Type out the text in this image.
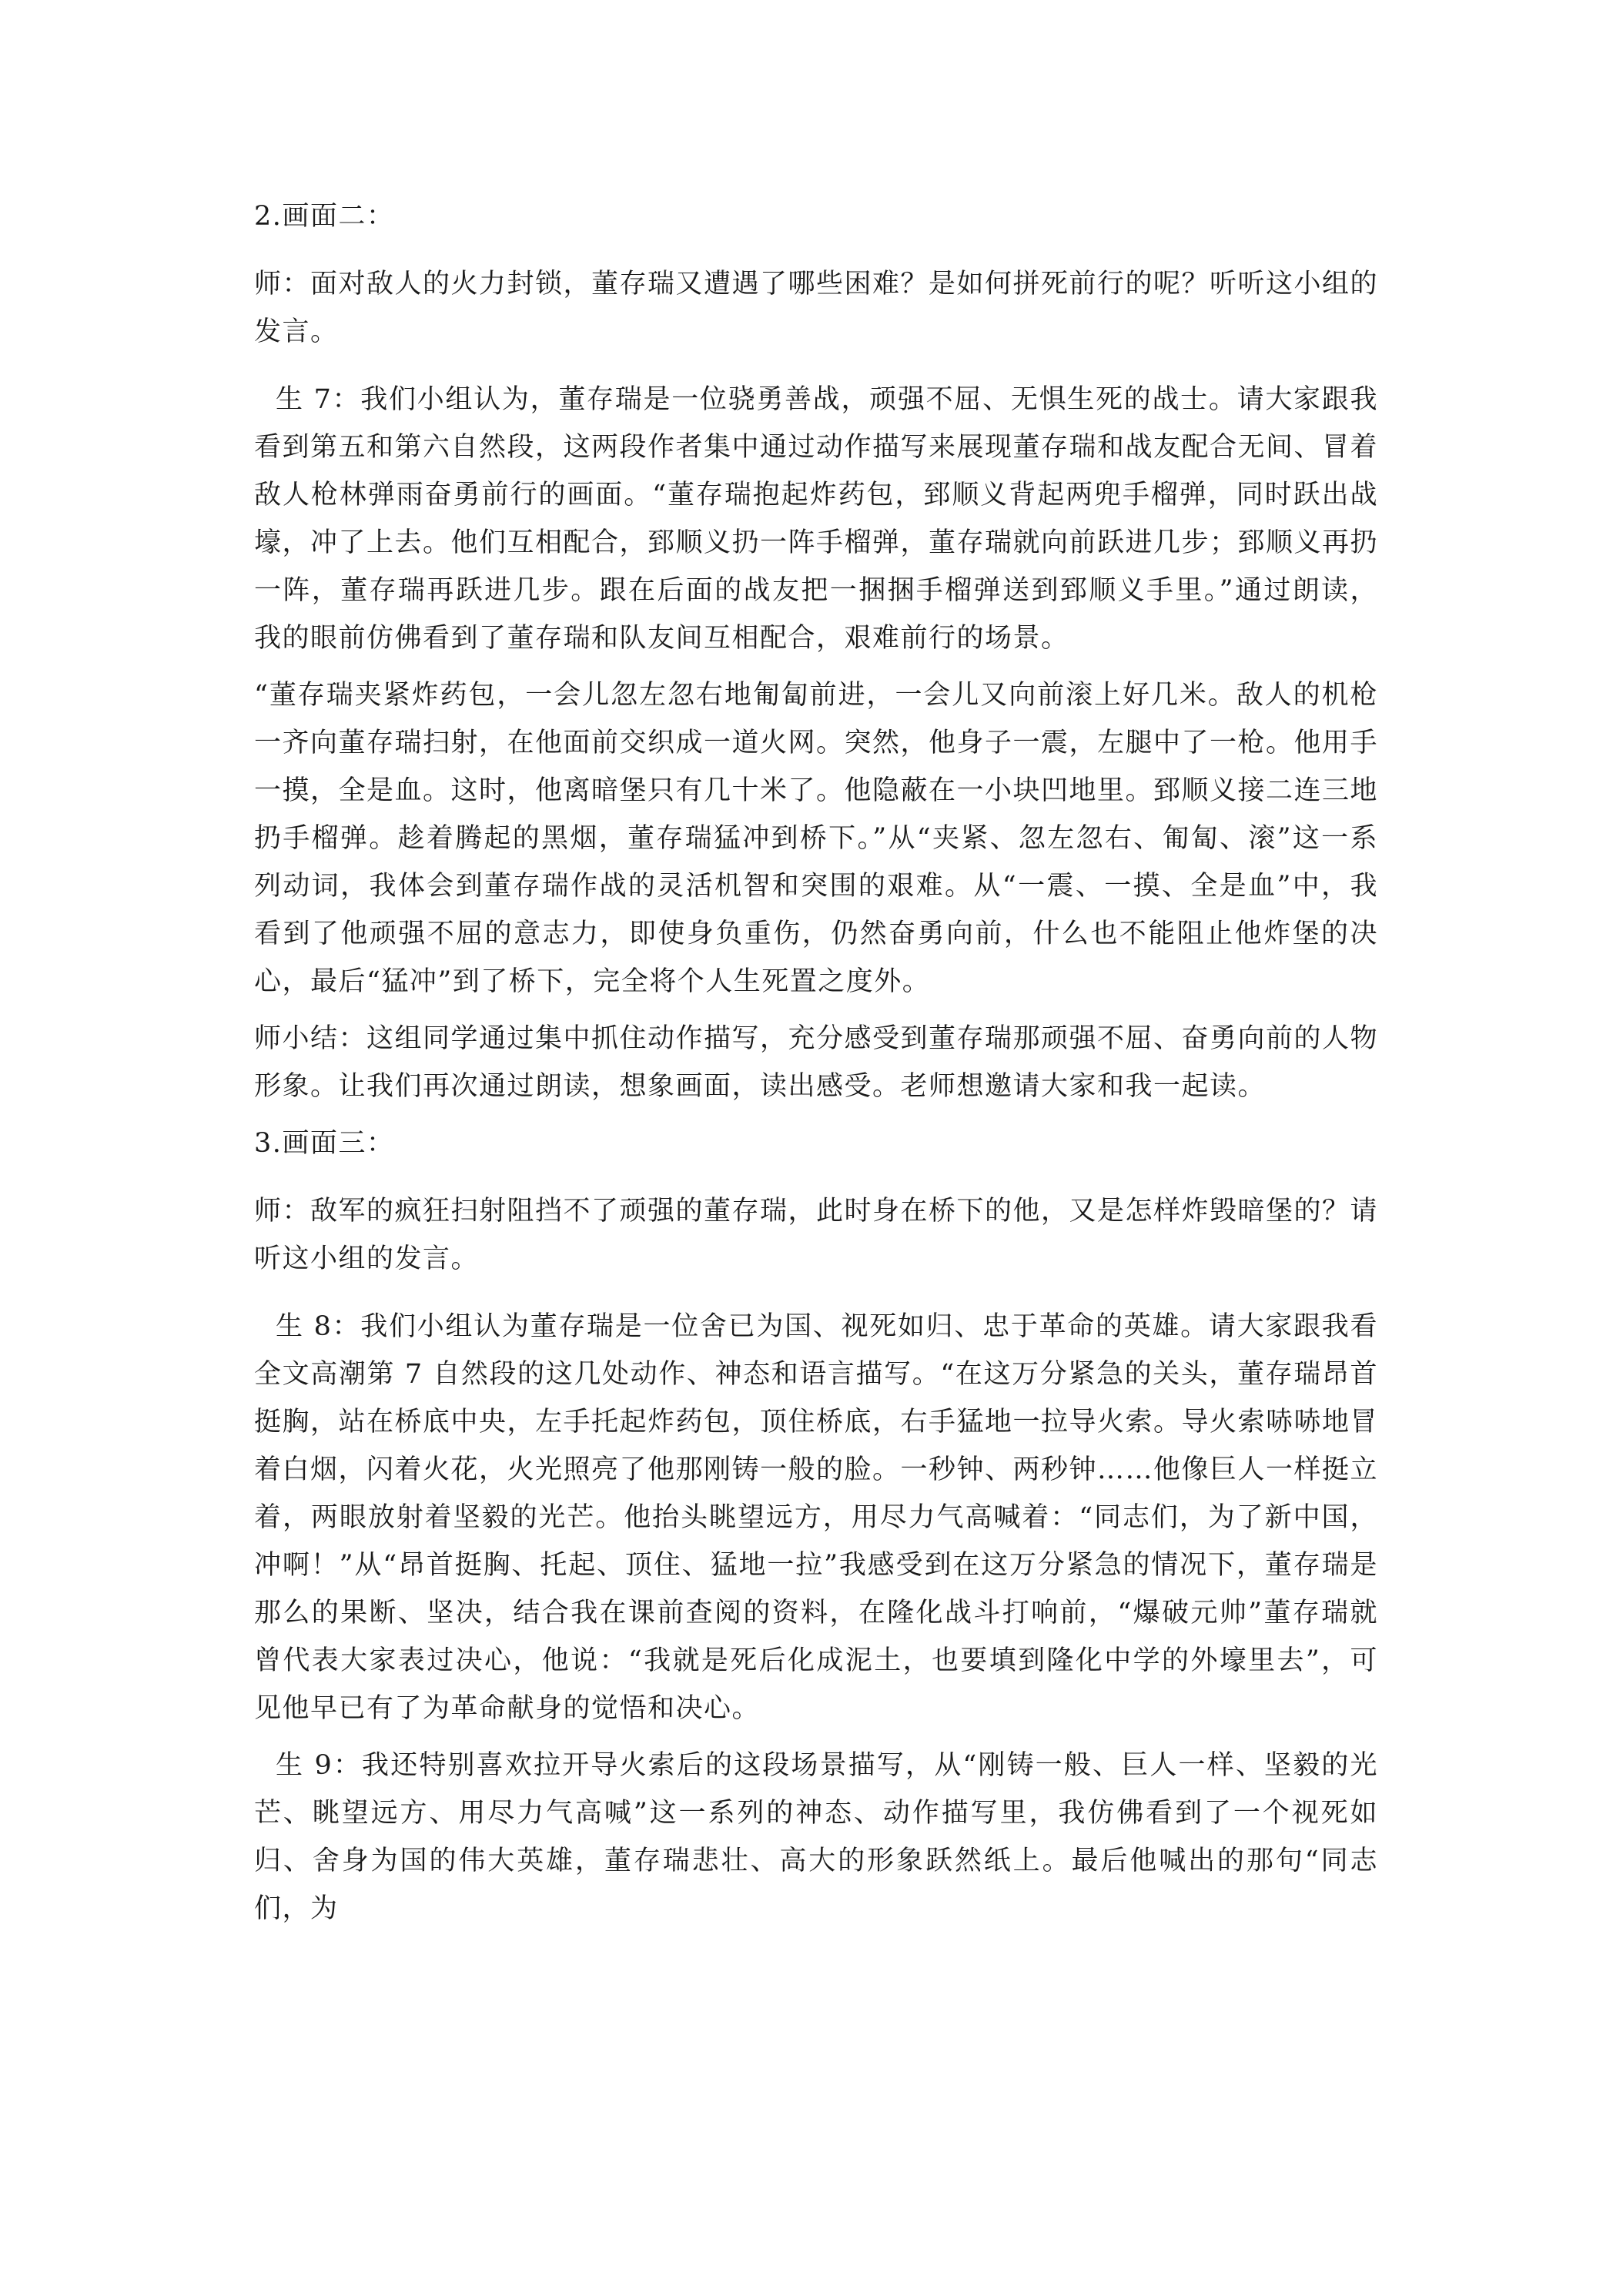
2.画面二：

师：面对敌人的火力封锁，董存瑞又遭遇了哪些困难？是如何拼死前行的呢？听听这小组的发言。

生 7：我们小组认为，董存瑞是一位骁勇善战，顽强不屈、无惧生死的战士。请大家跟我看到第五和第六自然段，这两段作者集中通过动作描写来展现董存瑞和战友配合无间、冒着敌人枪林弹雨奋勇前行的画面。“董存瑞抱起炸药包，郅顺义背起两兜手榴弹，同时跃出战壕，冲了上去。他们互相配合，郅顺义扔一阵手榴弹，董存瑞就向前跃进几步；郅顺义再扔一阵，董存瑞再跃进几步。跟在后面的战友把一捆捆手榴弹送到郅顺义手里。”通过朗读，我的眼前仿佛看到了董存瑞和队友间互相配合，艰难前行的场景。

“董存瑞夹紧炸药包，一会儿忽左忽右地匍匐前进，一会儿又向前滚上好几米。敌人的机枪一齐向董存瑞扫射，在他面前交织成一道火网。突然，他身子一震，左腿中了一枪。他用手一摸，全是血。这时，他离暗堡只有几十米了。他隐蔽在一小块凹地里。郅顺义接二连三地扔手榴弹。趁着腾起的黑烟，董存瑞猛冲到桥下。”从“夹紧、忽左忽右、匍匐、滚”这一系列动词，我体会到董存瑞作战的灵活机智和突围的艰难。从“一震、一摸、全是血”中，我看到了他顽强不屈的意志力，即使身负重伤，仍然奋勇向前，什么也不能阻止他炸堡的决心，最后“猛冲”到了桥下，完全将个人生死置之度外。

师小结：这组同学通过集中抓住动作描写，充分感受到董存瑞那顽强不屈、奋勇向前的人物形象。让我们再次通过朗读，想象画面，读出感受。老师想邀请大家和我一起读。

3.画面三：

师：敌军的疯狂扫射阻挡不了顽强的董存瑞，此时身在桥下的他，又是怎样炸毁暗堡的？请听这小组的发言。

生 8：我们小组认为董存瑞是一位舍已为国、视死如归、忠于革命的英雄。请大家跟我看全文高潮第 7 自然段的这几处动作、神态和语言描写。“在这万分紧急的关头，董存瑞昂首挺胸，站在桥底中央，左手托起炸药包，顶住桥底，右手猛地一拉导火索。导火索哧哧地冒着白烟，闪着火花，火光照亮了他那刚铸一般的脸。一秒钟、两秒钟……他像巨人一样挺立着，两眼放射着坚毅的光芒。他抬头眺望远方，用尽力气高喊着：“同志们，为了新中国，冲啊！”从“昂首挺胸、托起、顶住、猛地一拉”我感受到在这万分紧急的情况下，董存瑞是那么的果断、坚决，结合我在课前查阅的资料，在隆化战斗打响前，“爆破元帅”董存瑞就曾代表大家表过决心，他说：“我就是死后化成泥土，也要填到隆化中学的外壕里去”，可见他早已有了为革命献身的觉悟和决心。

生 9：我还特别喜欢拉开导火索后的这段场景描写，从“刚铸一般、巨人一样、坚毅的光芒、眺望远方、用尽力气高喊”这一系列的神态、动作描写里，我仿佛看到了一个视死如归、舍身为国的伟大英雄，董存瑞悲壮、高大的形象跃然纸上。最后他喊出的那句“同志们，为
